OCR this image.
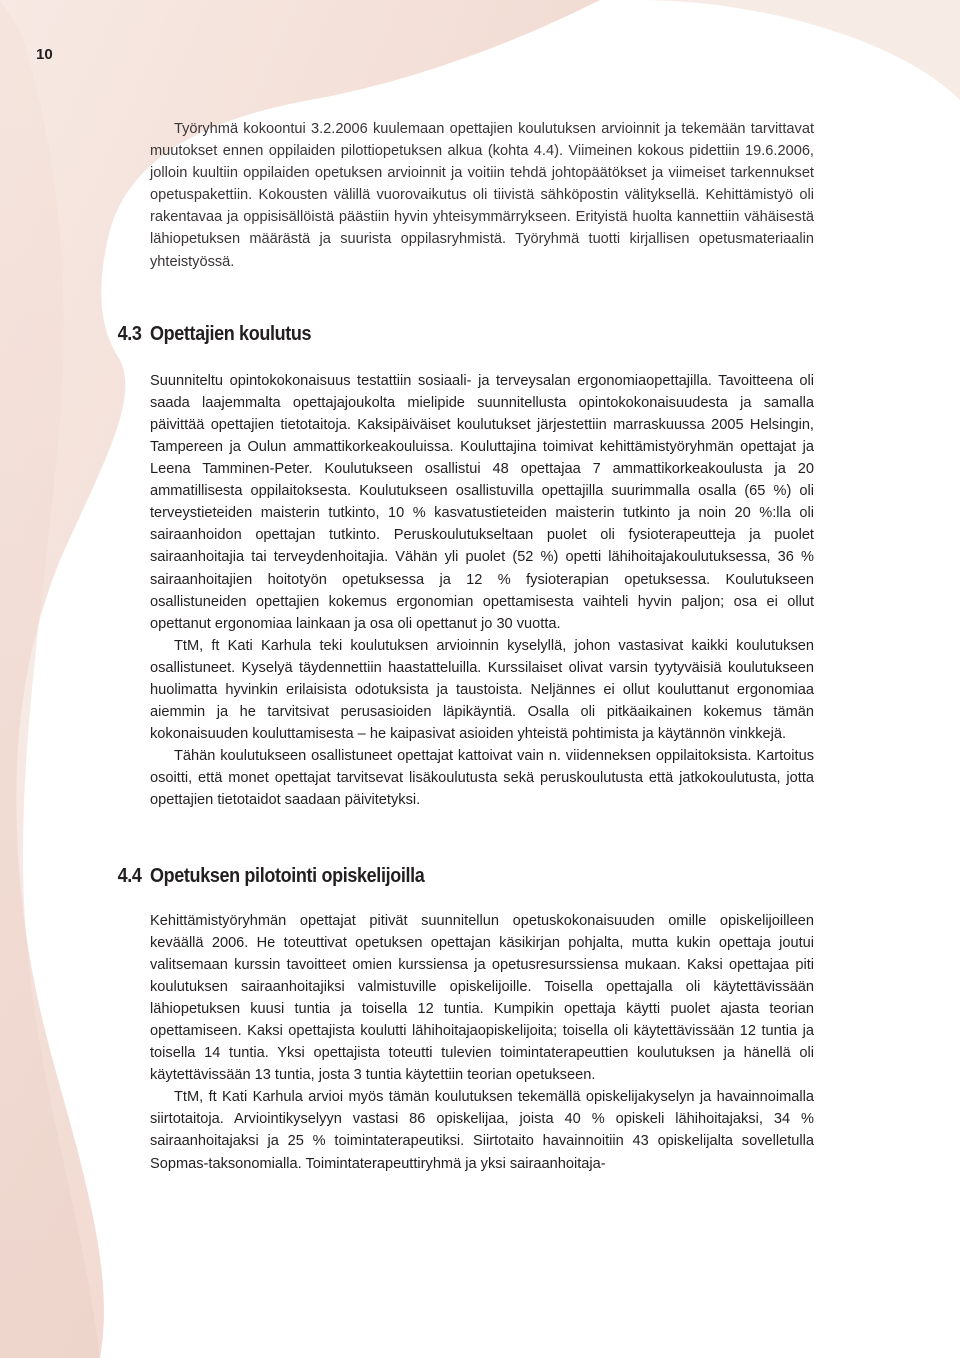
10

Työryhmä kokoontui 3.2.2006 kuulemaan opettajien koulutuksen arvioinnit ja tekemään tarvittavat muutokset ennen oppilaiden pilottiopetuksen alkua (kohta 4.4). Viimeinen kokous pidettiin 19.6.2006, jolloin kuultiin oppilaiden opetuksen arvioinnit ja voitiin tehdä johtopäätökset ja viimeiset tarkennukset opetuspakettiin. Kokousten välillä vuorovaikutus oli tiivistä sähköpostin välityksellä. Kehittämistyö oli rakentavaa ja oppisisällöistä päästiin hyvin yhteisymmärrykseen. Erityistä huolta kannettiin vähäisestä lähiopetuksen määrästä ja suurista oppilasryhmistä. Työryhmä tuotti kirjallisen opetusmateriaalin yhteistyössä.

4.3 Opettajien koulutus

Suunniteltu opintokokonaisuus testattiin sosiaali- ja terveysalan ergonomiaopettajilla. Tavoitteena oli saada laajemmalta opettajajoukolta mielipide suunnitellusta opintokokonaisuudesta ja samalla päivittää opettajien tietotaitoja. Kaksipäiväiset koulutukset järjestettiin marraskuussa 2005 Helsingin, Tampereen ja Oulun ammattikorkeakouluissa. Kouluttajina toimivat kehittämistyöryhmän opettajat ja Leena Tamminen-Peter. Koulutukseen osallistui 48 opettajaa 7 ammattikorkeakoulusta ja 20 ammatillisesta oppilaitoksesta. Koulutukseen osallistuvilla opettajilla suurimmalla osalla (65 %) oli terveystieteiden maisterin tutkinto, 10 % kasvatustieteiden maisterin tutkinto ja noin 20 %:lla oli sairaanhoidon opettajan tutkinto. Peruskoulutukseltaan puolet oli fysioterapeutteja ja puolet sairaanhoitajia tai terveydenhoitajia. Vähän yli puolet (52 %) opetti lähihoitajakoulutuksessa, 36 % sairaanhoitajien hoitotyön opetuksessa ja 12 % fysioterapian opetuksessa. Koulutukseen osallistuneiden opettajien kokemus ergonomian opettamisesta vaihteli hyvin paljon; osa ei ollut opettanut ergonomiaa lainkaan ja osa oli opettanut jo 30 vuotta.

TtM, ft Kati Karhula teki koulutuksen arvioinnin kyselyllä, johon vastasivat kaikki koulutuksen osallistuneet. Kyselyä täydennettiin haastatteluilla. Kurssilaiset olivat varsin tyytyväisiä koulutukseen huolimatta hyvinkin erilaisista odotuksista ja taustoista. Neljännes ei ollut kouluttanut ergonomiaa aiemmin ja he tarvitsivat perusasioiden läpikäyntiä. Osalla oli pitkäaikainen kokemus tämän kokonaisuuden kouluttamisesta – he kaipasivat asioiden yhteistä pohtimista ja käytännön vinkkejä.

Tähän koulutukseen osallistuneet opettajat kattoivat vain n. viidenneksen oppilaitoksista. Kartoitus osoitti, että monet opettajat tarvitsevat lisäkoulutusta sekä peruskoulutusta että jatkokoulutusta, jotta opettajien tietotaidot saadaan päivitetyksi.

4.4 Opetuksen pilotointi opiskelijoilla

Kehittämistyöryhmän opettajat pitivät suunnitellun opetuskokonaisuuden omille opiskelijoilleen keväällä 2006. He toteuttivat opetuksen opettajan käsikirjan pohjalta, mutta kukin opettaja joutui valitsemaan kurssin tavoitteet omien kurssiensa ja opetusresurssiensa mukaan. Kaksi opettajaa piti koulutuksen sairaanhoitajiksi valmistuville opiskelijoille. Toisella opettajalla oli käytettävissään lähiopetuksen kuusi tuntia ja toisella 12 tuntia. Kumpikin opettaja käytti puolet ajasta teorian opettamiseen. Kaksi opettajista koulutti lähihoitajaopiskelijoita; toisella oli käytettävissään 12 tuntia ja toisella 14 tuntia. Yksi opettajista toteutti tulevien toimintaterapeuttien koulutuksen ja hänellä oli käytettävissään 13 tuntia, josta 3 tuntia käytettiin teorian opetukseen.

TtM, ft Kati Karhula arvioi myös tämän koulutuksen tekemällä opiskelijakyselyn ja havainnoimalla siirtotaitoja. Arviointikyselyyn vastasi 86 opiskelijaa, joista 40 % opiskeli lähihoitajaksi, 34 % sairaanhoitajaksi ja 25 % toimintaterapeutiksi. Siirtotaito havainnoitiin 43 opiskelijalta sovelletulla Sopmas-taksonomialla. Toimintaterapeuttiryhmä ja yksi sairaanhoitaja-
